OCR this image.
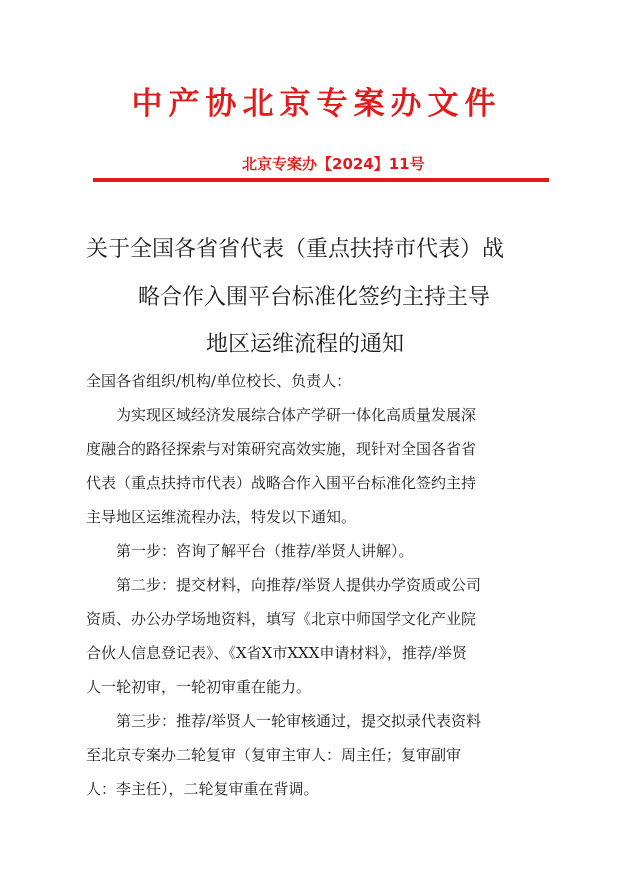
中产协北京专案办文件
北京专案办【2024】11号
关于全国各省省代表（重点扶持市代表）战
略合作入围平台标准化签约主持主导
地区运维流程的通知
全国各省组织/机构/单位校长、负责人：
为实现区域经济发展综合体产学研一体化高质量发展深
度融合的路径探索与对策研究高效实施，现针对全国各省省
代表（重点扶持市代表）战略合作入围平台标准化签约主持
主导地区运维流程办法，特发以下通知。
第一步：咨询了解平台（推荐/举贤人讲解）。
第二步：提交材料，向推荐/举贤人提供办学资质或公司
资质、办公办学场地资料，填写《北京中师国学文化产业院
合伙人信息登记表》、《X省X市XXX申请材料》，推荐/举贤
人一轮初审，一轮初审重在能力。
第三步：推荐/举贤人一轮审核通过，提交拟录代表资料
至北京专案办二轮复审（复审主审人：周主任；复审副审
人：李主任），二轮复审重在背调。
